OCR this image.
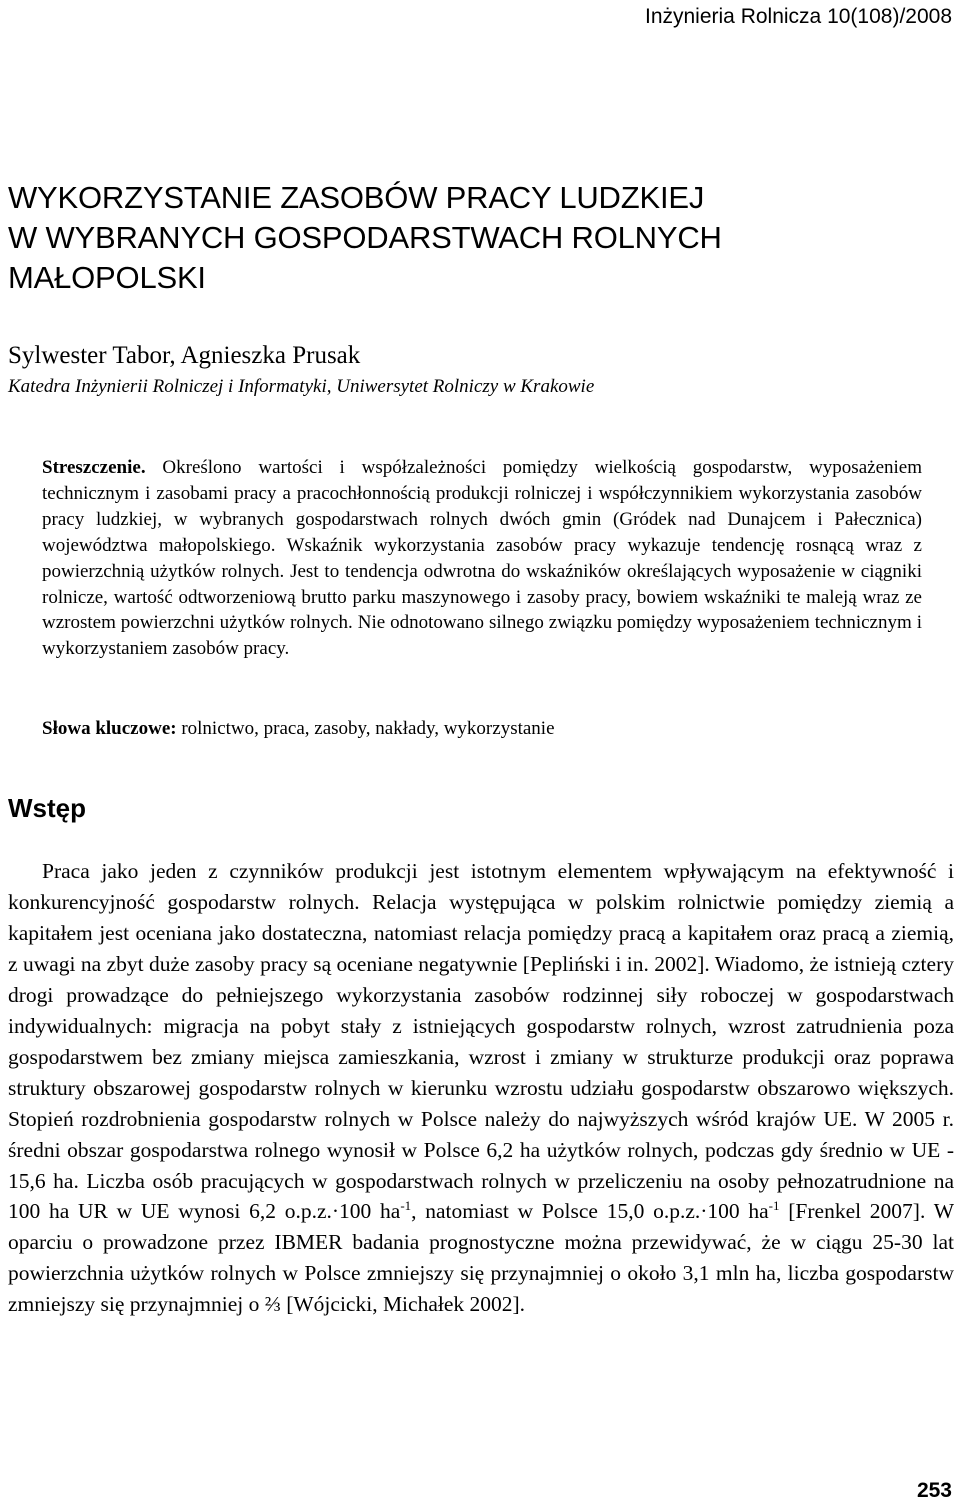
Inżynieria Rolnicza 10(108)/2008
WYKORZYSTANIE ZASOBÓW PRACY LUDZKIEJ
W WYBRANYCH GOSPODARSTWACH ROLNYCH
MAŁOPOLSKI
Sylwester Tabor, Agnieszka Prusak
Katedra Inżynierii Rolniczej i Informatyki, Uniwersytet Rolniczy w Krakowie

Streszczenie. Określono wartości i współzależności pomiędzy wielkością gospodarstw, wyposażeniem technicznym i zasobami pracy a pracochłonnością produkcji rolniczej i współczynnikiem wykorzystania zasobów pracy ludzkiej, w wybranych gospodarstwach rolnych dwóch gmin (Gródek nad Dunajcem i Pałecznica) województwa małopolskiego. Wskaźnik wykorzystania zasobów pracy wykazuje tendencję rosnącą wraz z powierzchnią użytków rolnych. Jest to tendencja odwrotna do wskaźników określających wyposażenie w ciągniki rolnicze, wartość odtworzeniową brutto parku maszynowego i zasoby pracy, bowiem wskaźniki te maleją wraz ze wzrostem powierzchni użytków rolnych. Nie odnotowano silnego związku pomiędzy wyposażeniem technicznym i wykorzystaniem zasobów pracy.

Słowa kluczowe: rolnictwo, praca, zasoby, nakłady, wykorzystanie

Wstęp

Praca jako jeden z czynników produkcji jest istotnym elementem wpływającym na efektywność i konkurencyjność gospodarstw rolnych. Relacja występująca w polskim rolnictwie pomiędzy ziemią a kapitałem jest oceniana jako dostateczna, natomiast relacja pomiędzy pracą a kapitałem oraz pracą a ziemią, z uwagi na zbyt duże zasoby pracy są oceniane negatywnie [Pepliński i in. 2002]. Wiadomo, że istnieją cztery drogi prowadzące do pełniejszego wykorzystania zasobów rodzinnej siły roboczej w gospodarstwach indywidualnych: migracja na pobyt stały z istniejących gospodarstw rolnych, wzrost zatrudnienia poza gospodarstwem bez zmiany miejsca zamieszkania, wzrost i zmiany w strukturze produkcji oraz poprawa struktury obszarowej gospodarstw rolnych w kierunku wzrostu udziału gospodarstw obszarowo większych. Stopień rozdrobnienia gospodarstw rolnych w Polsce należy do najwyższych wśród krajów UE. W 2005 r. średni obszar gospodarstwa rolnego wynosił w Polsce 6,2 ha użytków rolnych, podczas gdy średnio w UE - 15,6 ha. Liczba osób pracujących w gospodarstwach rolnych w przeliczeniu na osoby pełnozatrudnione na 100 ha UR w UE wynosi 6,2 o.p.z.·100 $ha^{-1}$, natomiast w Polsce 15,0 o.p.z.·100 $ha^{-1}$ [Frenkel 2007]. W oparciu o prowadzone przez IBMER badania prognostyczne można przewidywać, że w ciągu 25-30 lat powierzchnia użytków rolnych w Polsce zmniejszy się przynajmniej o około 3,1 mln ha, liczba gospodarstw zmniejszy się przynajmniej o ⅔ [Wójcicki, Michałek 2002].

253
